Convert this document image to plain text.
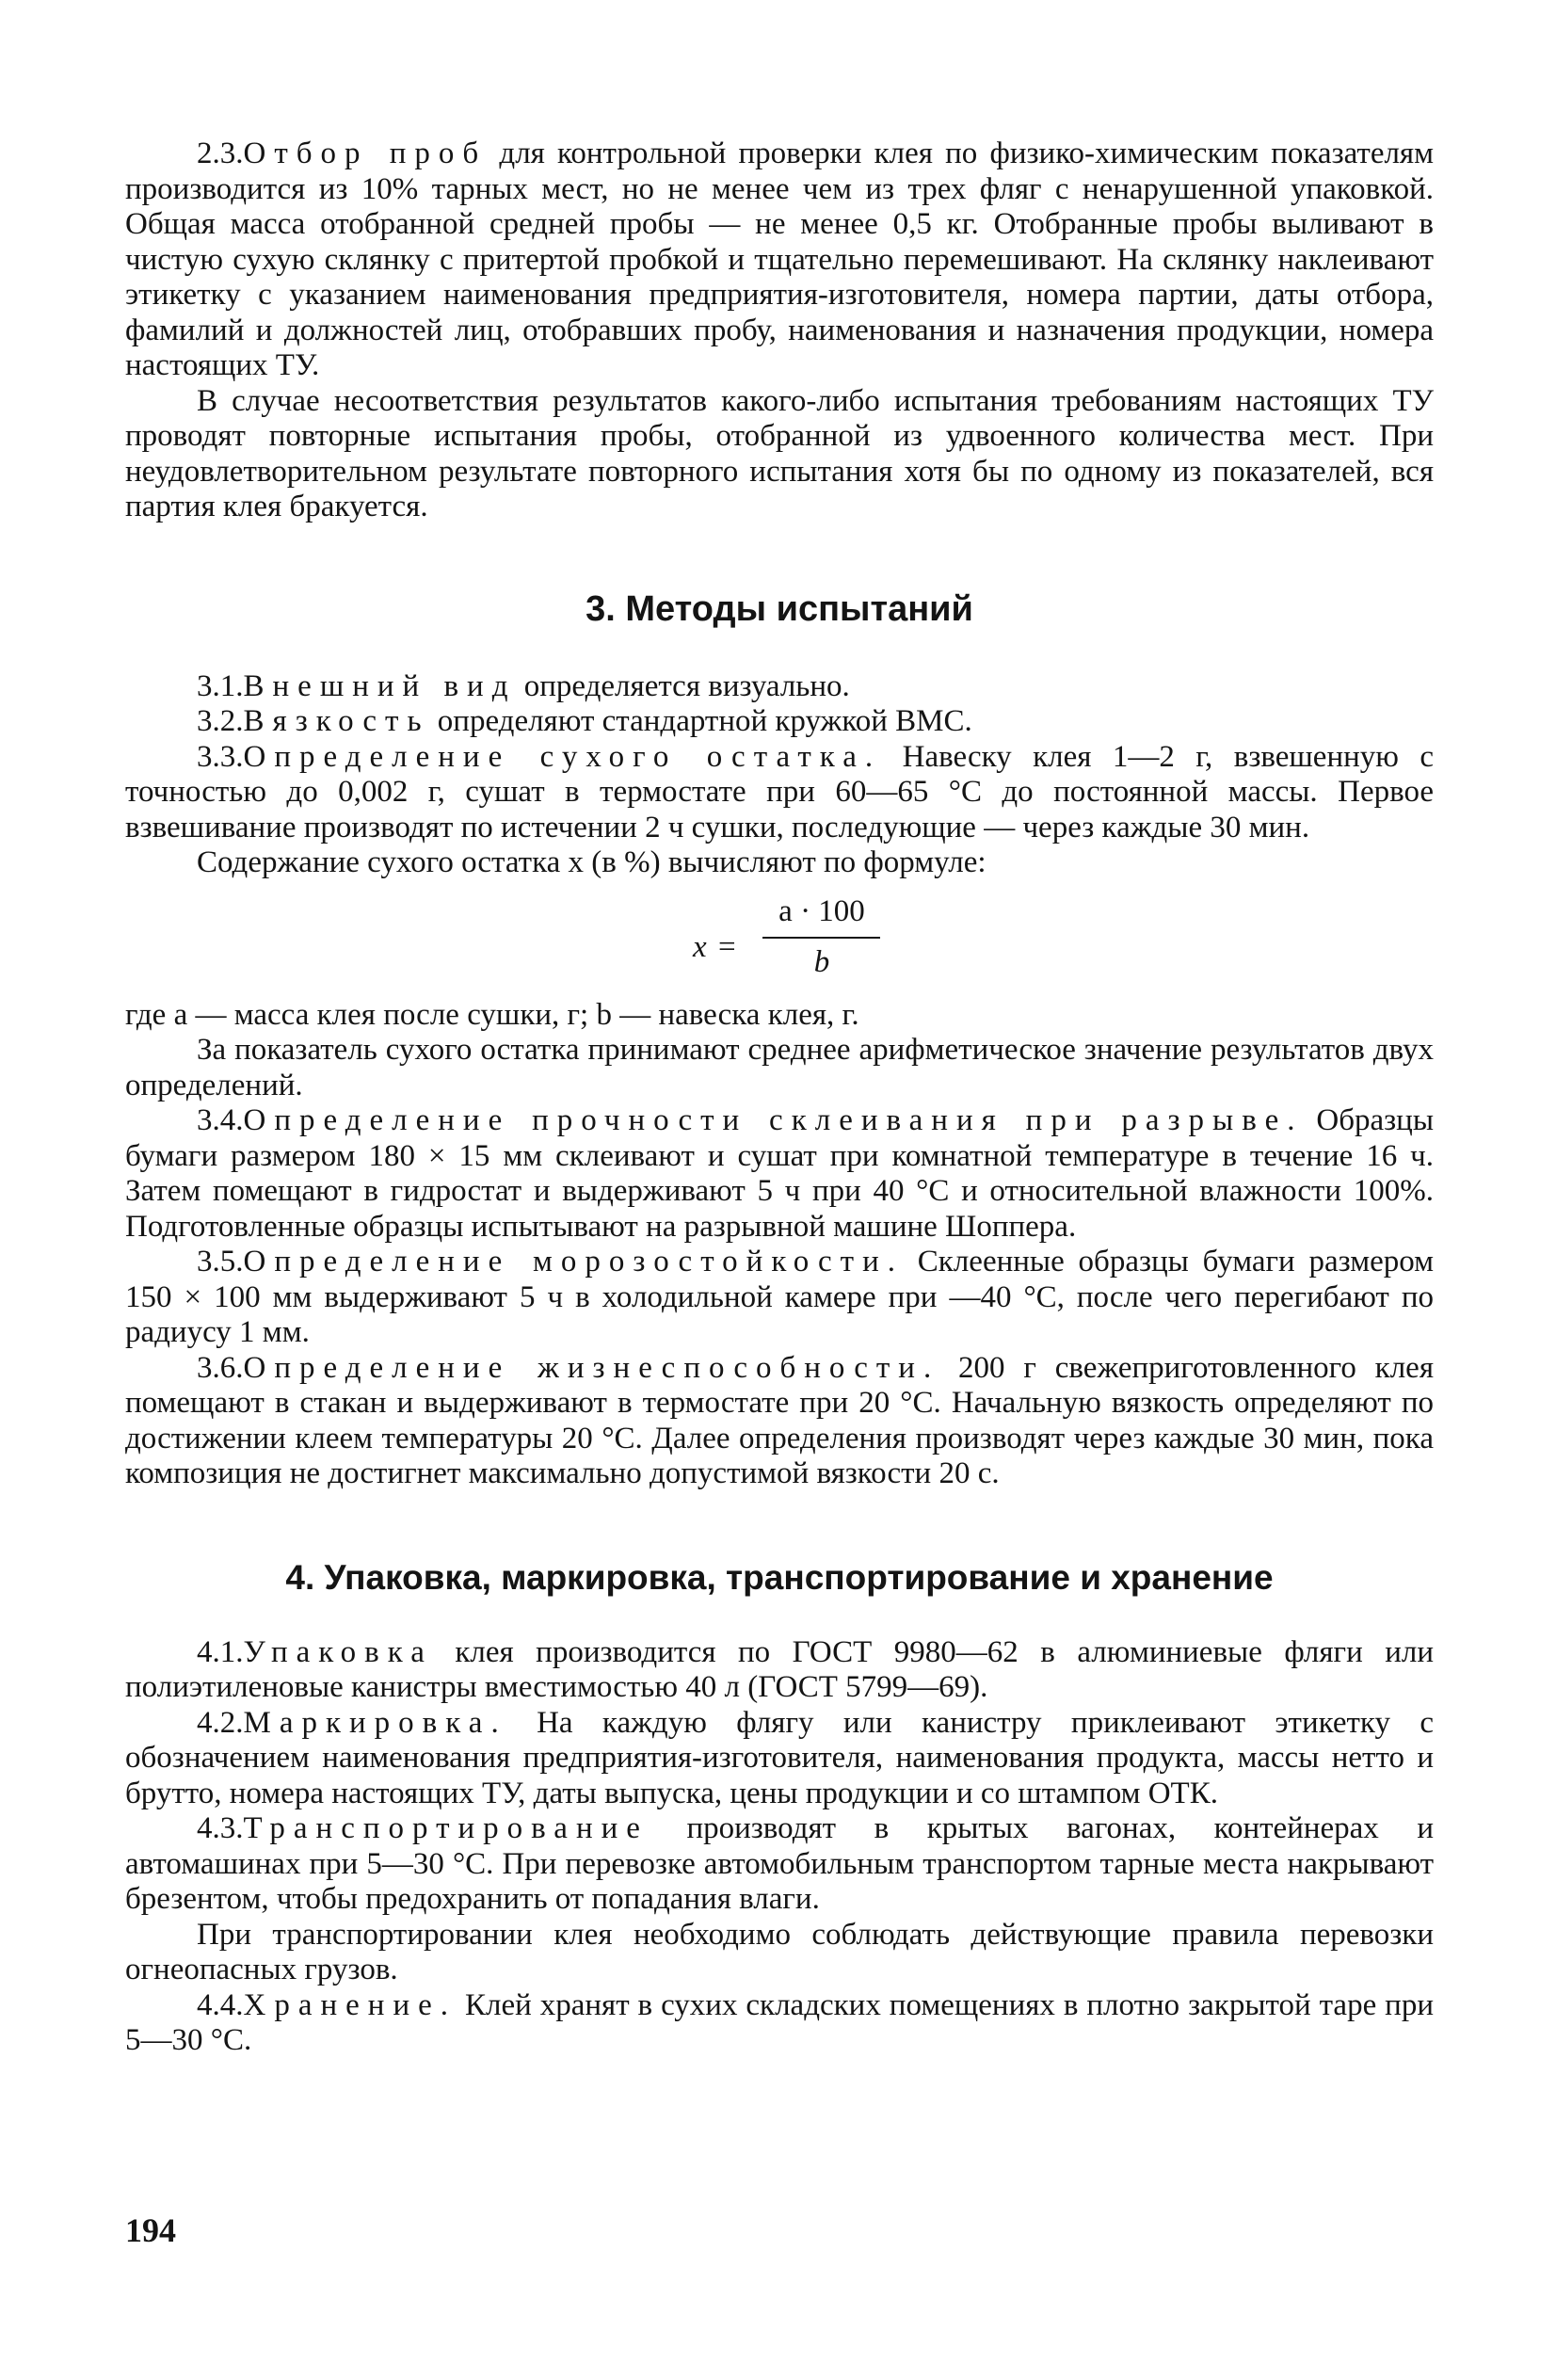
2.3.Отбор проб для контрольной проверки клея по физико-химическим показателям производится из 10% тарных мест, но не менее чем из трех фляг с ненарушенной упаковкой. Общая масса отобранной средней пробы — не менее 0,5 кг. Отобранные пробы выливают в чистую сухую склянку с притертой пробкой и тщательно перемешивают. На склянку наклеивают этикетку с указанием наименования предприятия-изготовителя, номера партии, даты отбора, фамилий и должностей лиц, отобравших пробу, наименования и назначения продукции, номера настоящих ТУ.

В случае несоответствия результатов какого-либо испытания требованиям настоящих ТУ проводят повторные испытания пробы, отобранной из удвоенного количества мест. При неудовлетворительном результате повторного испытания хотя бы по одному из показателей, вся партия клея бракуется.

3. Методы испытаний

3.1.Внешний вид определяется визуально.

3.2.Вязкость определяют стандартной кружкой ВМС.

3.3.Определение сухого остатка. Навеску клея 1—2 г, взвешенную с точностью до 0,002 г, сушат в термостате при 60—65 °С до постоянной массы. Первое взвешивание производят по истечении 2 ч сушки, последующие — через каждые 30 мин.

Содержание сухого остатка x (в %) вычисляют по формуле:

x =
a · 100
b

где a — масса клея после сушки, г; b — навеска клея, г.

За показатель сухого остатка принимают среднее арифметическое значение результатов двух определений.

3.4.Определение прочности склеивания при разрыве. Образцы бумаги размером 180 × 15 мм склеивают и сушат при комнатной температуре в течение 16 ч. Затем помещают в гидростат и выдерживают 5 ч при 40 °С и относительной влажности 100%. Подготовленные образцы испытывают на разрывной машине Шоппера.

3.5.Определение морозостойкости. Склеенные образцы бумаги размером 150 × 100 мм выдерживают 5 ч в холодильной камере при —40 °С, после чего перегибают по радиусу 1 мм.

3.6.Определение жизнеспособности. 200 г свежеприготовленного клея помещают в стакан и выдерживают в термостате при 20 °С. Начальную вязкость определяют по достижении клеем температуры 20 °С. Далее определения производят через каждые 30 мин, пока композиция не достигнет максимально допустимой вязкости 20 с.

4. Упаковка, маркировка, транспортирование и хранение

4.1.Упаковка клея производится по ГОСТ 9980—62 в алюминиевые фляги или полиэтиленовые канистры вместимостью 40 л (ГОСТ 5799—69).

4.2.Маркировка. На каждую флягу или канистру приклеивают этикетку с обозначением наименования предприятия-изготовителя, наименования продукта, массы нетто и брутто, номера настоящих ТУ, даты выпуска, цены продукции и со штампом ОТК.

4.3.Транспортирование производят в крытых вагонах, контейнерах и автомашинах при 5—30 °С. При перевозке автомобильным транспортом тарные места накрывают брезентом, чтобы предохранить от попадания влаги.

При транспортировании клея необходимо соблюдать действующие правила перевозки огнеопасных грузов.

4.4.Хранение. Клей хранят в сухих складских помещениях в плотно закрытой таре при 5—30 °С.

194
